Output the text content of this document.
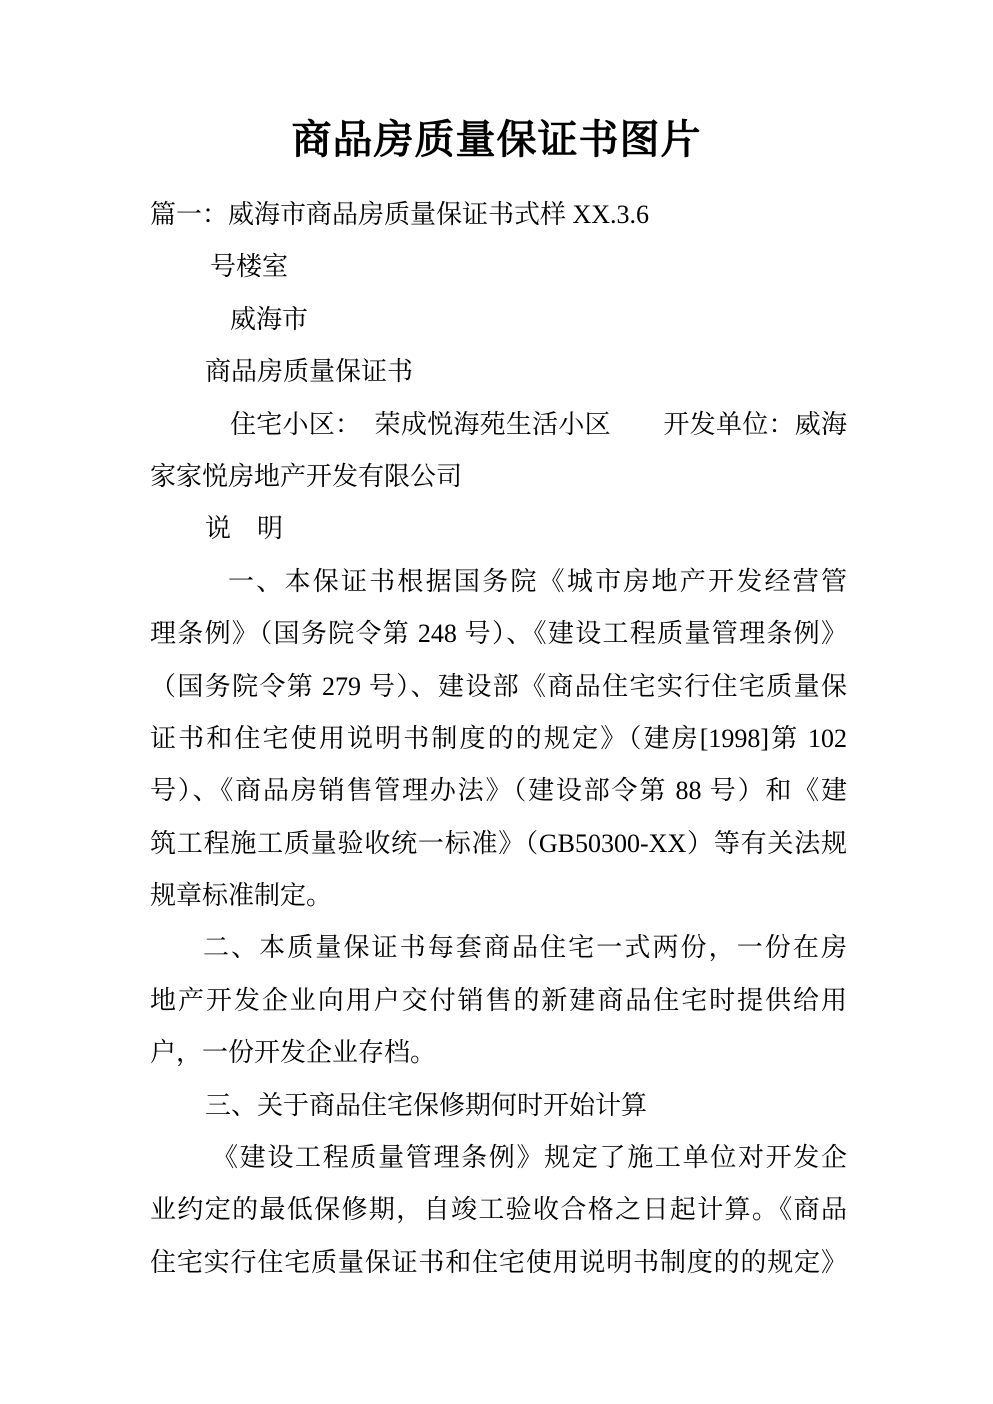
商品房质量保证书图片
篇一：威海市商品房质量保证书式样 XX.3.6
号楼室
威海市
商品房质量保证书
住宅小区：　荣成悦海苑生活小区　　开发单位：威海
家家悦房地产开发有限公司
说　明
一、本保证书根据国务院《城市房地产开发经营管
理条例》（国务院令第 248 号）、《建设工程质量管理条例》
（国务院令第 279 号）、建设部《商品住宅实行住宅质量保
证书和住宅使用说明书制度的的规定》（建房[1998]第 102
号）、《商品房销售管理办法》（建设部令第 88 号）和《建
筑工程施工质量验收统一标准》（GB50300-XX）等有关法规
规章标准制定。
二、本质量保证书每套商品住宅一式两份，一份在房
地产开发企业向用户交付销售的新建商品住宅时提供给用
户，一份开发企业存档。
三、关于商品住宅保修期何时开始计算
《建设工程质量管理条例》规定了施工单位对开发企
业约定的最低保修期，自竣工验收合格之日起计算。《商品
住宅实行住宅质量保证书和住宅使用说明书制度的的规定》
